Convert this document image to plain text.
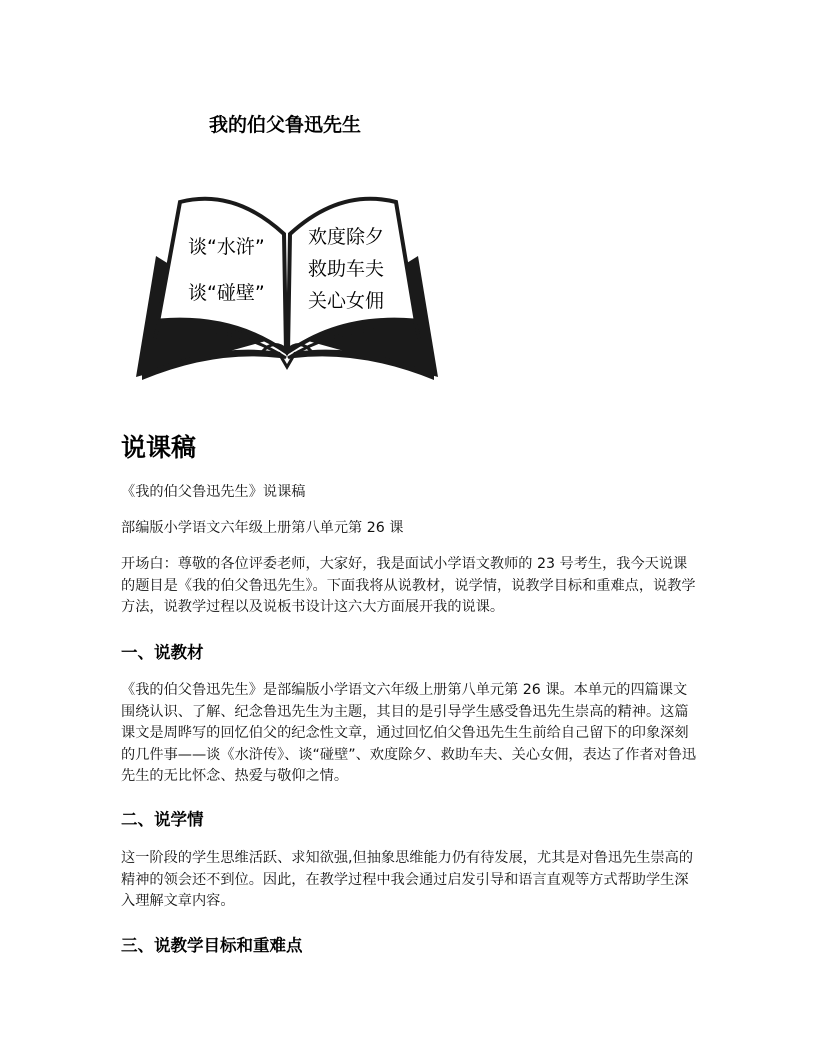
我的伯父鲁迅先生
谈“水浒”
谈“碰壁”
欢度除夕
救助车夫
关心女佣
说课稿

《我的伯父鲁迅先生》说课稿

部编版小学语文六年级上册第八单元第 26 课

开场白：尊敬的各位评委老师，大家好，我是面试小学语文教师的 23 号考生，我今天说课的题目是《我的伯父鲁迅先生》。下面我将从说教材，说学情，说教学目标和重难点，说教学方法，说教学过程以及说板书设计这六大方面展开我的说课。

一、说教材

《我的伯父鲁迅先生》是部编版小学语文六年级上册第八单元第 26 课。本单元的四篇课文围绕认识、了解、纪念鲁迅先生为主题，其目的是引导学生感受鲁迅先生崇高的精神。这篇课文是周晔写的回忆伯父的纪念性文章，通过回忆伯父鲁迅先生生前给自己留下的印象深刻的几件事——谈《水浒传》、谈“碰壁”、欢度除夕、救助车夫、关心女佣，表达了作者对鲁迅先生的无比怀念、热爱与敬仰之情。

二、说学情

这一阶段的学生思维活跃、求知欲强,但抽象思维能力仍有待发展，尤其是对鲁迅先生崇高的精神的领会还不到位。因此，在教学过程中我会通过启发引导和语言直观等方式帮助学生深入理解文章内容。

三、说教学目标和重难点
